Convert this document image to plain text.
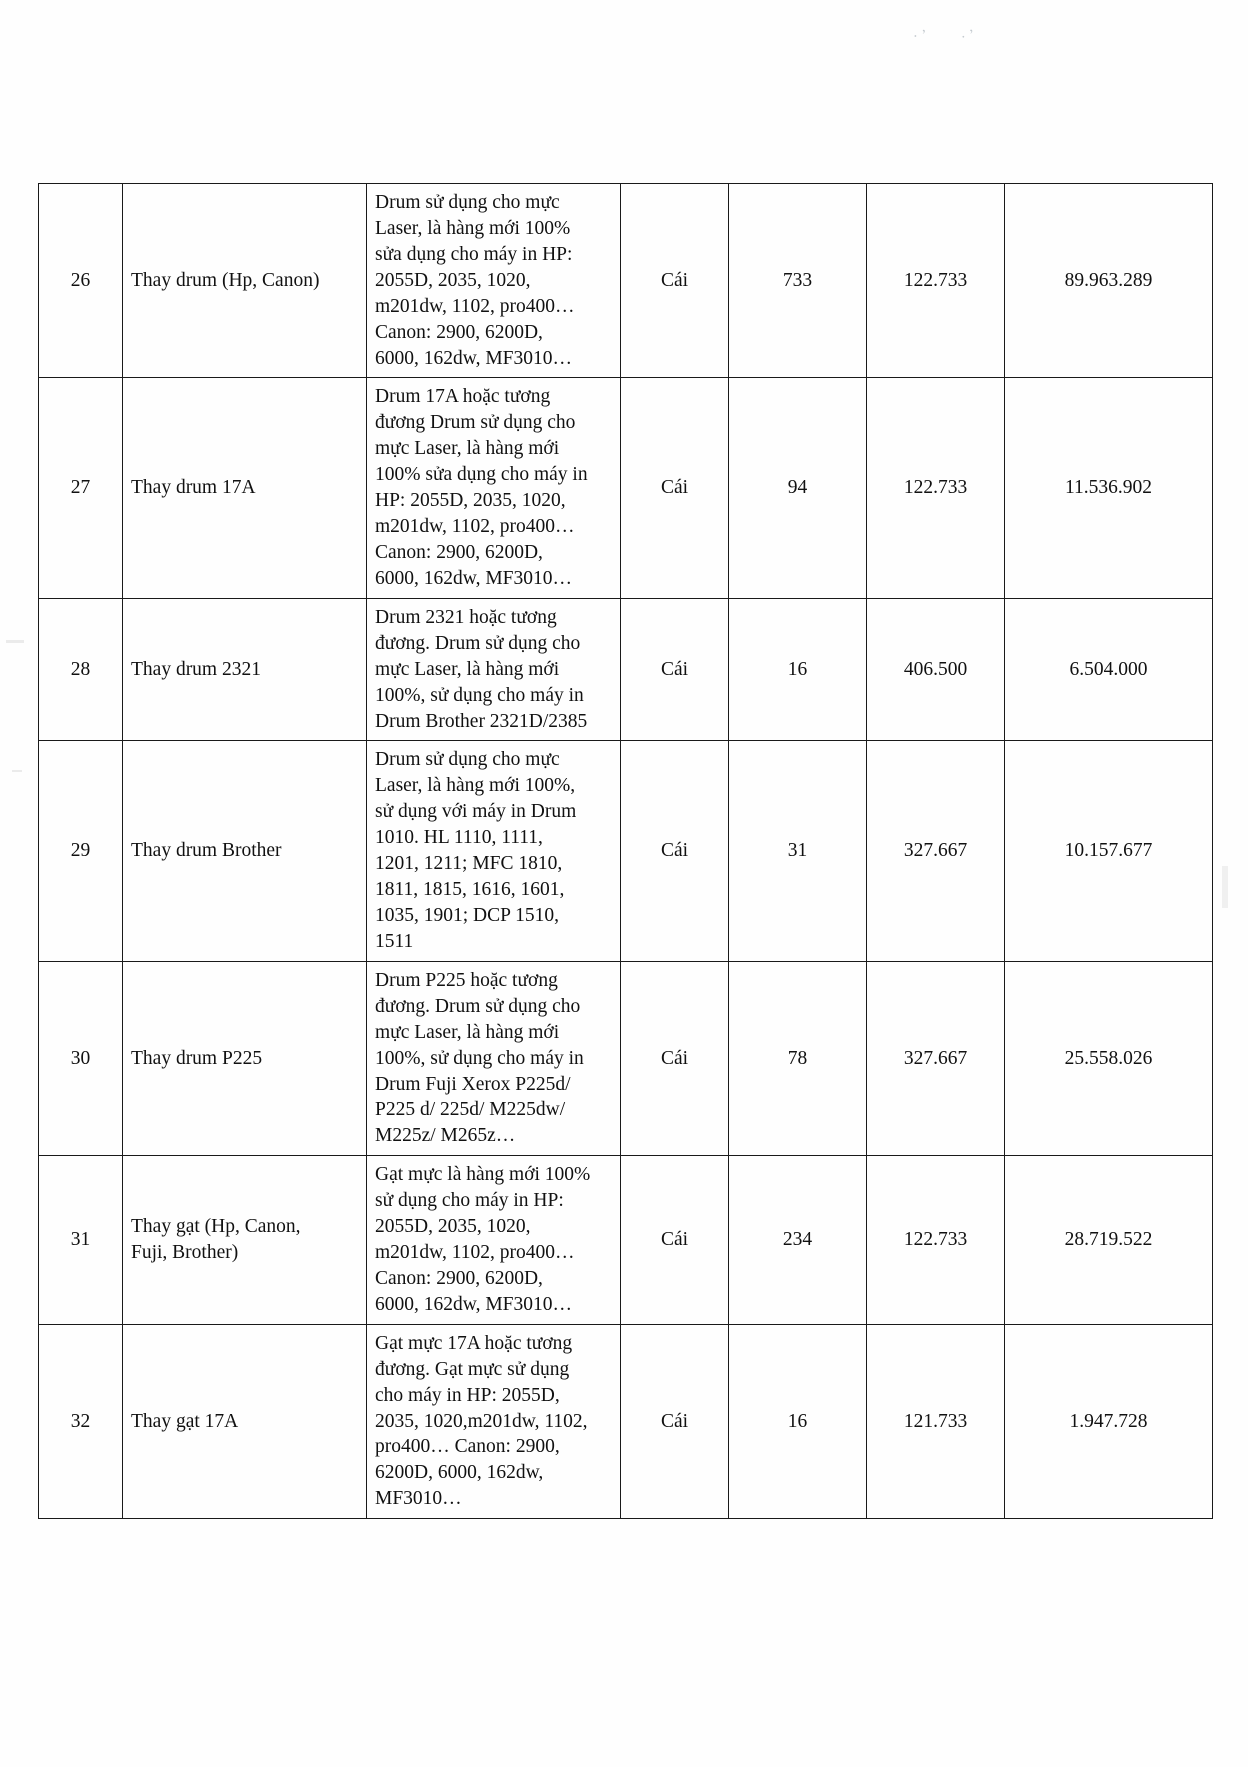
·ʼ ·ʼ
26	Thay drum (Hp, Canon)

Drum sử dụng cho mực
Laser, là hàng mới 100%
sửa dụng cho máy in HP:
2055D, 2035, 1020,
m201dw, 1102, pro400…
Canon: 2900, 6200D,
6000, 162dw, MF3010…
	Cái	733	122.733	89.963.289
27	Thay drum 17A

Drum 17A hoặc tương
đương Drum sử dụng cho
mực Laser, là hàng mới
100% sửa dụng cho máy in
HP: 2055D, 2035, 1020,
m201dw, 1102, pro400…
Canon: 2900, 6200D,
6000, 162dw, MF3010…
	Cái	94	122.733	11.536.902
28	Thay drum 2321	Drum 2321 hoặc tương
đương. Drum sử dụng cho
mực Laser, là hàng mới
100%, sử dụng cho máy in
Drum Brother 2321D/2385	Cái	16	406.500	6.504.000
29	Thay drum Brother

Drum sử dụng cho mực
Laser, là hàng mới 100%,
sử dụng với máy in Drum
1010. HL 1110, 1111,
1201, 1211; MFC 1810,
1811, 1815, 1616, 1601,
1035, 1901; DCP 1510,
1511
	Cái	31	327.667	10.157.677
30	Thay drum P225

Drum P225 hoặc tương
đương. Drum sử dụng cho
mực Laser, là hàng mới
100%, sử dụng cho máy in
Drum Fuji Xerox P225d/
P225 d/ 225d/ M225dw/
M225z/ M265z…
	Cái	78	327.667	25.558.026
31	
Thay gạt (Hp, Canon,
Fuji, Brother)

Gạt mực là hàng mới 100%
sử dụng cho máy in HP:
2055D, 2035, 1020,
m201dw, 1102, pro400…
Canon: 2900, 6200D,
6000, 162dw, MF3010…
	Cái	234	122.733	28.719.522
32	Thay gạt 17A

Gạt mực 17A hoặc tương
đương. Gạt mực sử dụng
cho máy in HP: 2055D,
2035, 1020,m201dw, 1102,
pro400… Canon: 2900,
6200D, 6000, 162dw,
MF3010…
	Cái	16	121.733	1.947.728
